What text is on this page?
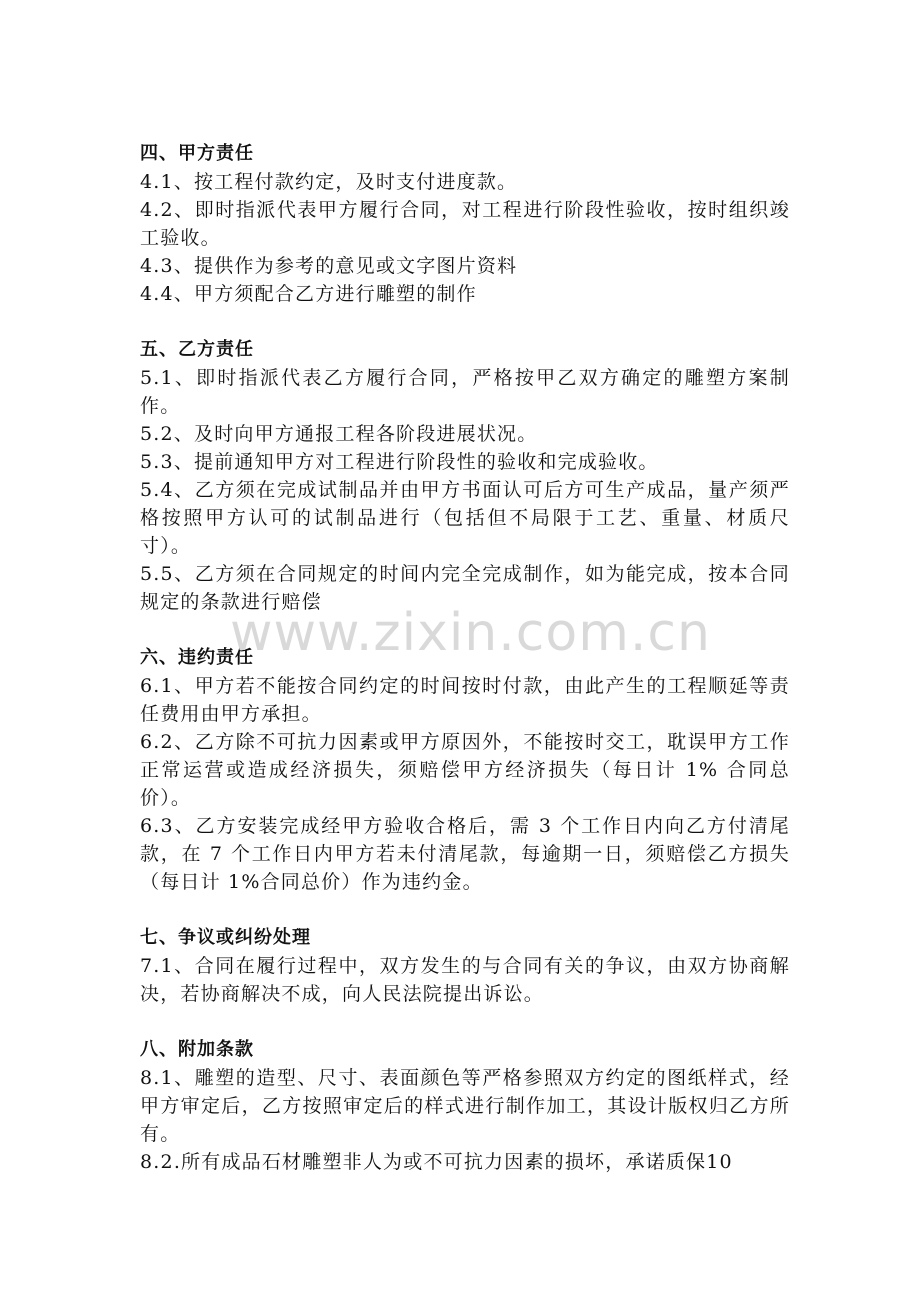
四、甲方责任

4.1、按工程付款约定，及时支付进度款。

4.2、即时指派代表甲方履行合同，对工程进行阶段性验收，按时组织竣工验收。

4.3、提供作为参考的意见或文字图片资料

4.4、甲方须配合乙方进行雕塑的制作

五、乙方责任

5.1、即时指派代表乙方履行合同，严格按甲乙双方确定的雕塑方案制作。

5.2、及时向甲方通报工程各阶段进展状况。

5.3、提前通知甲方对工程进行阶段性的验收和完成验收。

5.4、乙方须在完成试制品并由甲方书面认可后方可生产成品，量产须严格按照甲方认可的试制品进行（包括但不局限于工艺、重量、材质尺寸）。

5.5、乙方须在合同规定的时间内完全完成制作，如为能完成，按本合同规定的条款进行赔偿

六、违约责任

6.1、甲方若不能按合同约定的时间按时付款，由此产生的工程顺延等责任费用由甲方承担。

6.2、乙方除不可抗力因素或甲方原因外，不能按时交工，耽误甲方工作正常运营或造成经济损失，须赔偿甲方经济损失（每日计 1% 合同总价）。

6.3、乙方安装完成经甲方验收合格后，需 3 个工作日内向乙方付清尾款，在 7 个工作日内甲方若未付清尾款，每逾期一日，须赔偿乙方损失（每日计 1%合同总价）作为违约金。

七、争议或纠纷处理

7.1、合同在履行过程中，双方发生的与合同有关的争议，由双方协商解决，若协商解决不成，向人民法院提出诉讼。

八、附加条款

8.1、雕塑的造型、尺寸、表面颜色等严格参照双方约定的图纸样式，经甲方审定后，乙方按照审定后的样式进行制作加工，其设计版权归乙方所有。

8.2.所有成品石材雕塑非人为或不可抗力因素的损坏，承诺质保10

www.zixin.com.cn
